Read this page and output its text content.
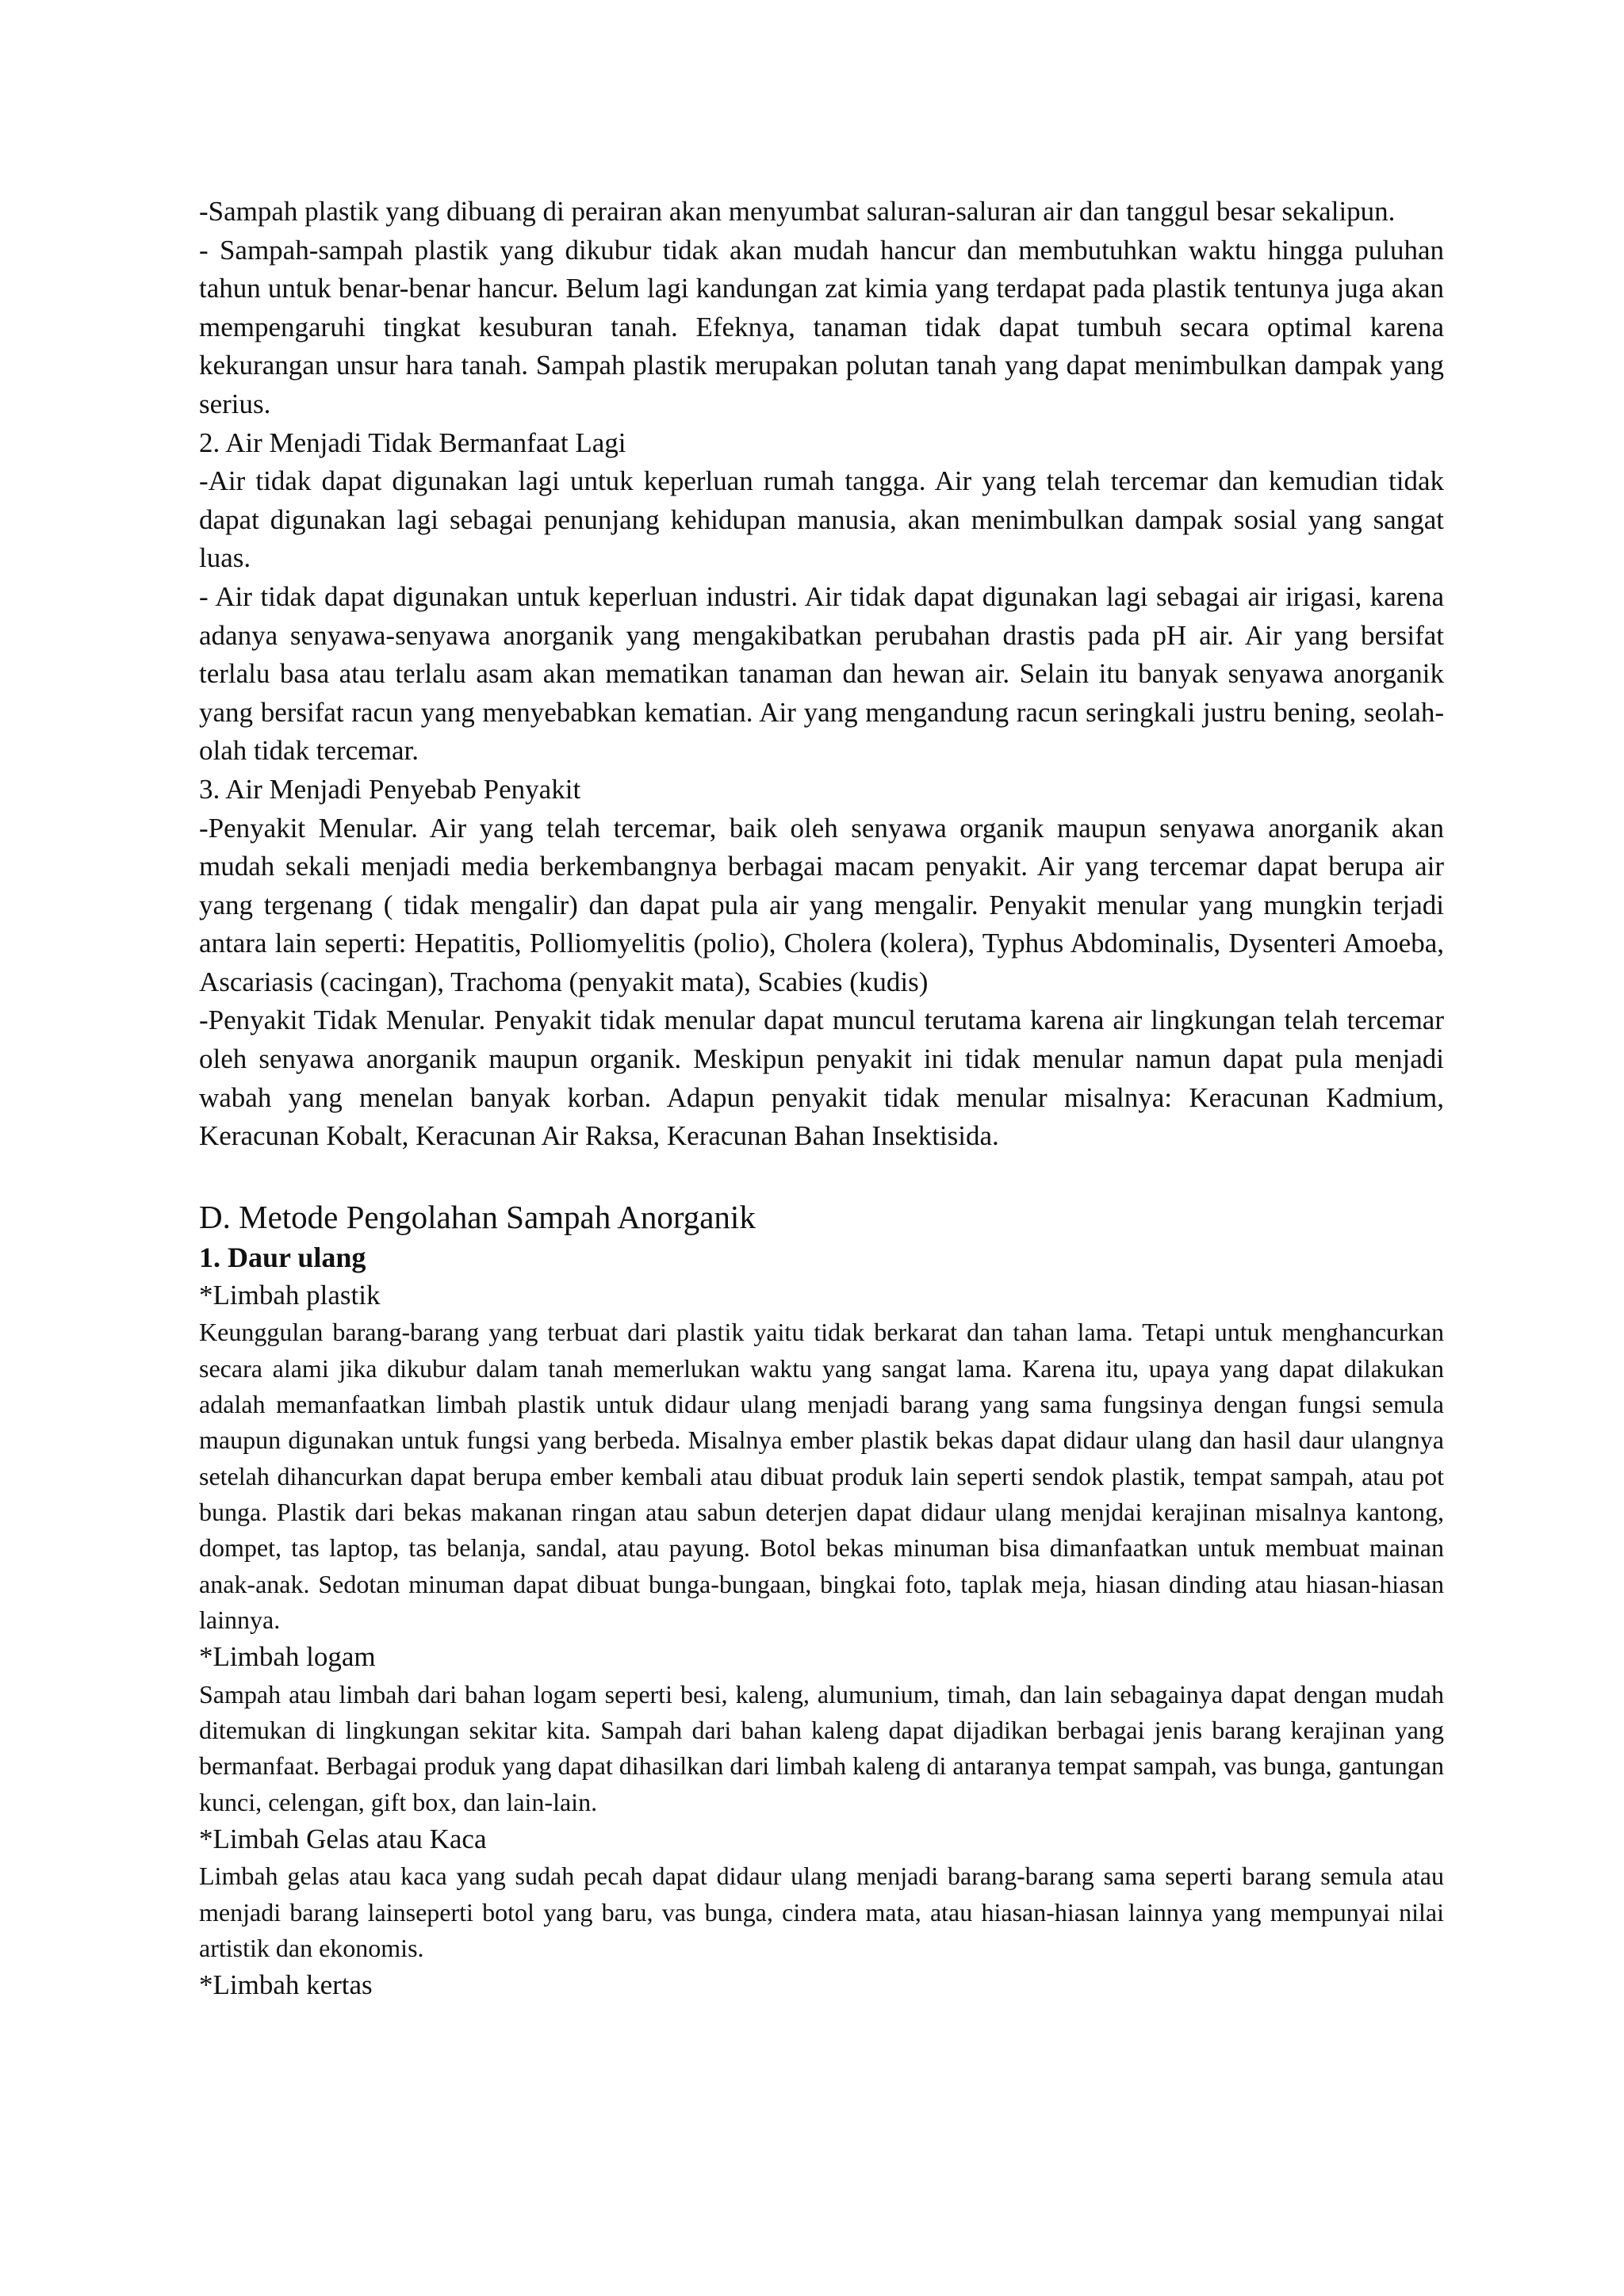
-Sampah plastik yang dibuang di perairan akan menyumbat saluran-saluran air dan tanggul besar sekalipun.

- Sampah-sampah plastik yang dikubur tidak akan mudah hancur dan membutuhkan waktu hingga puluhan tahun untuk benar-benar hancur. Belum lagi kandungan zat kimia yang terdapat pada plastik tentunya juga akan mempengaruhi tingkat kesuburan tanah. Efeknya, tanaman tidak dapat tumbuh secara optimal karena kekurangan unsur hara tanah. Sampah plastik merupakan polutan tanah yang dapat menimbulkan dampak yang serius.

2. Air Menjadi Tidak Bermanfaat Lagi

-Air tidak dapat digunakan lagi untuk keperluan rumah tangga. Air yang telah tercemar dan kemudian tidak dapat digunakan lagi sebagai penunjang kehidupan manusia, akan menimbulkan dampak sosial yang sangat luas.

- Air tidak dapat digunakan untuk keperluan industri. Air tidak dapat digunakan lagi sebagai air irigasi, karena adanya senyawa-senyawa anorganik yang mengakibatkan perubahan drastis pada pH air. Air yang bersifat terlalu basa atau terlalu asam akan mematikan tanaman dan hewan air. Selain itu banyak senyawa anorganik yang bersifat racun yang menyebabkan kematian. Air yang mengandung racun seringkali justru bening, seolah-olah tidak tercemar.

3. Air Menjadi Penyebab Penyakit

-Penyakit Menular. Air yang telah tercemar, baik oleh senyawa organik maupun senyawa anorganik akan mudah sekali menjadi media berkembangnya berbagai macam penyakit. Air yang tercemar dapat berupa air yang tergenang ( tidak mengalir) dan dapat pula air yang mengalir. Penyakit menular yang mungkin terjadi antara lain seperti: Hepatitis, Polliomyelitis (polio), Cholera (kolera), Typhus Abdominalis, Dysenteri Amoeba, Ascariasis (cacingan), Trachoma (penyakit mata), Scabies (kudis)

-Penyakit Tidak Menular. Penyakit tidak menular dapat muncul terutama karena air lingkungan telah tercemar oleh senyawa anorganik maupun organik. Meskipun penyakit ini tidak menular namun dapat pula menjadi wabah yang menelan banyak korban. Adapun penyakit tidak menular misalnya: Keracunan Kadmium, Keracunan Kobalt, Keracunan Air Raksa, Keracunan Bahan Insektisida.

D. Metode Pengolahan Sampah Anorganik
1. Daur ulang

*Limbah plastik

Keunggulan barang-barang yang terbuat dari plastik yaitu tidak berkarat dan tahan lama. Tetapi untuk menghancurkan secara alami jika dikubur dalam tanah memerlukan waktu yang sangat lama. Karena itu, upaya yang dapat dilakukan adalah memanfaatkan limbah plastik untuk didaur ulang menjadi barang yang sama fungsinya dengan fungsi semula maupun digunakan untuk fungsi yang berbeda. Misalnya ember plastik bekas dapat didaur ulang dan hasil daur ulangnya setelah dihancurkan dapat berupa ember kembali atau dibuat produk lain seperti sendok plastik, tempat sampah, atau pot bunga. Plastik dari bekas makanan ringan atau sabun deterjen dapat didaur ulang menjdai kerajinan misalnya kantong, dompet, tas laptop, tas belanja, sandal, atau payung. Botol bekas minuman bisa dimanfaatkan untuk membuat mainan anak-anak. Sedotan minuman dapat dibuat bunga-bungaan, bingkai foto, taplak meja, hiasan dinding atau hiasan-hiasan lainnya.

*Limbah logam

Sampah atau limbah dari bahan logam seperti besi, kaleng, alumunium, timah, dan lain sebagainya dapat dengan mudah ditemukan di lingkungan sekitar kita. Sampah dari bahan kaleng dapat dijadikan berbagai jenis barang kerajinan yang bermanfaat. Berbagai produk yang dapat dihasilkan dari limbah kaleng di antaranya tempat sampah, vas bunga, gantungan kunci, celengan, gift box, dan lain-lain.

*Limbah Gelas atau Kaca

Limbah gelas atau kaca yang sudah pecah dapat didaur ulang menjadi barang-barang sama seperti barang semula atau menjadi barang lainseperti botol yang baru, vas bunga, cindera mata, atau hiasan-hiasan lainnya yang mempunyai nilai artistik dan ekonomis.

*Limbah kertas
